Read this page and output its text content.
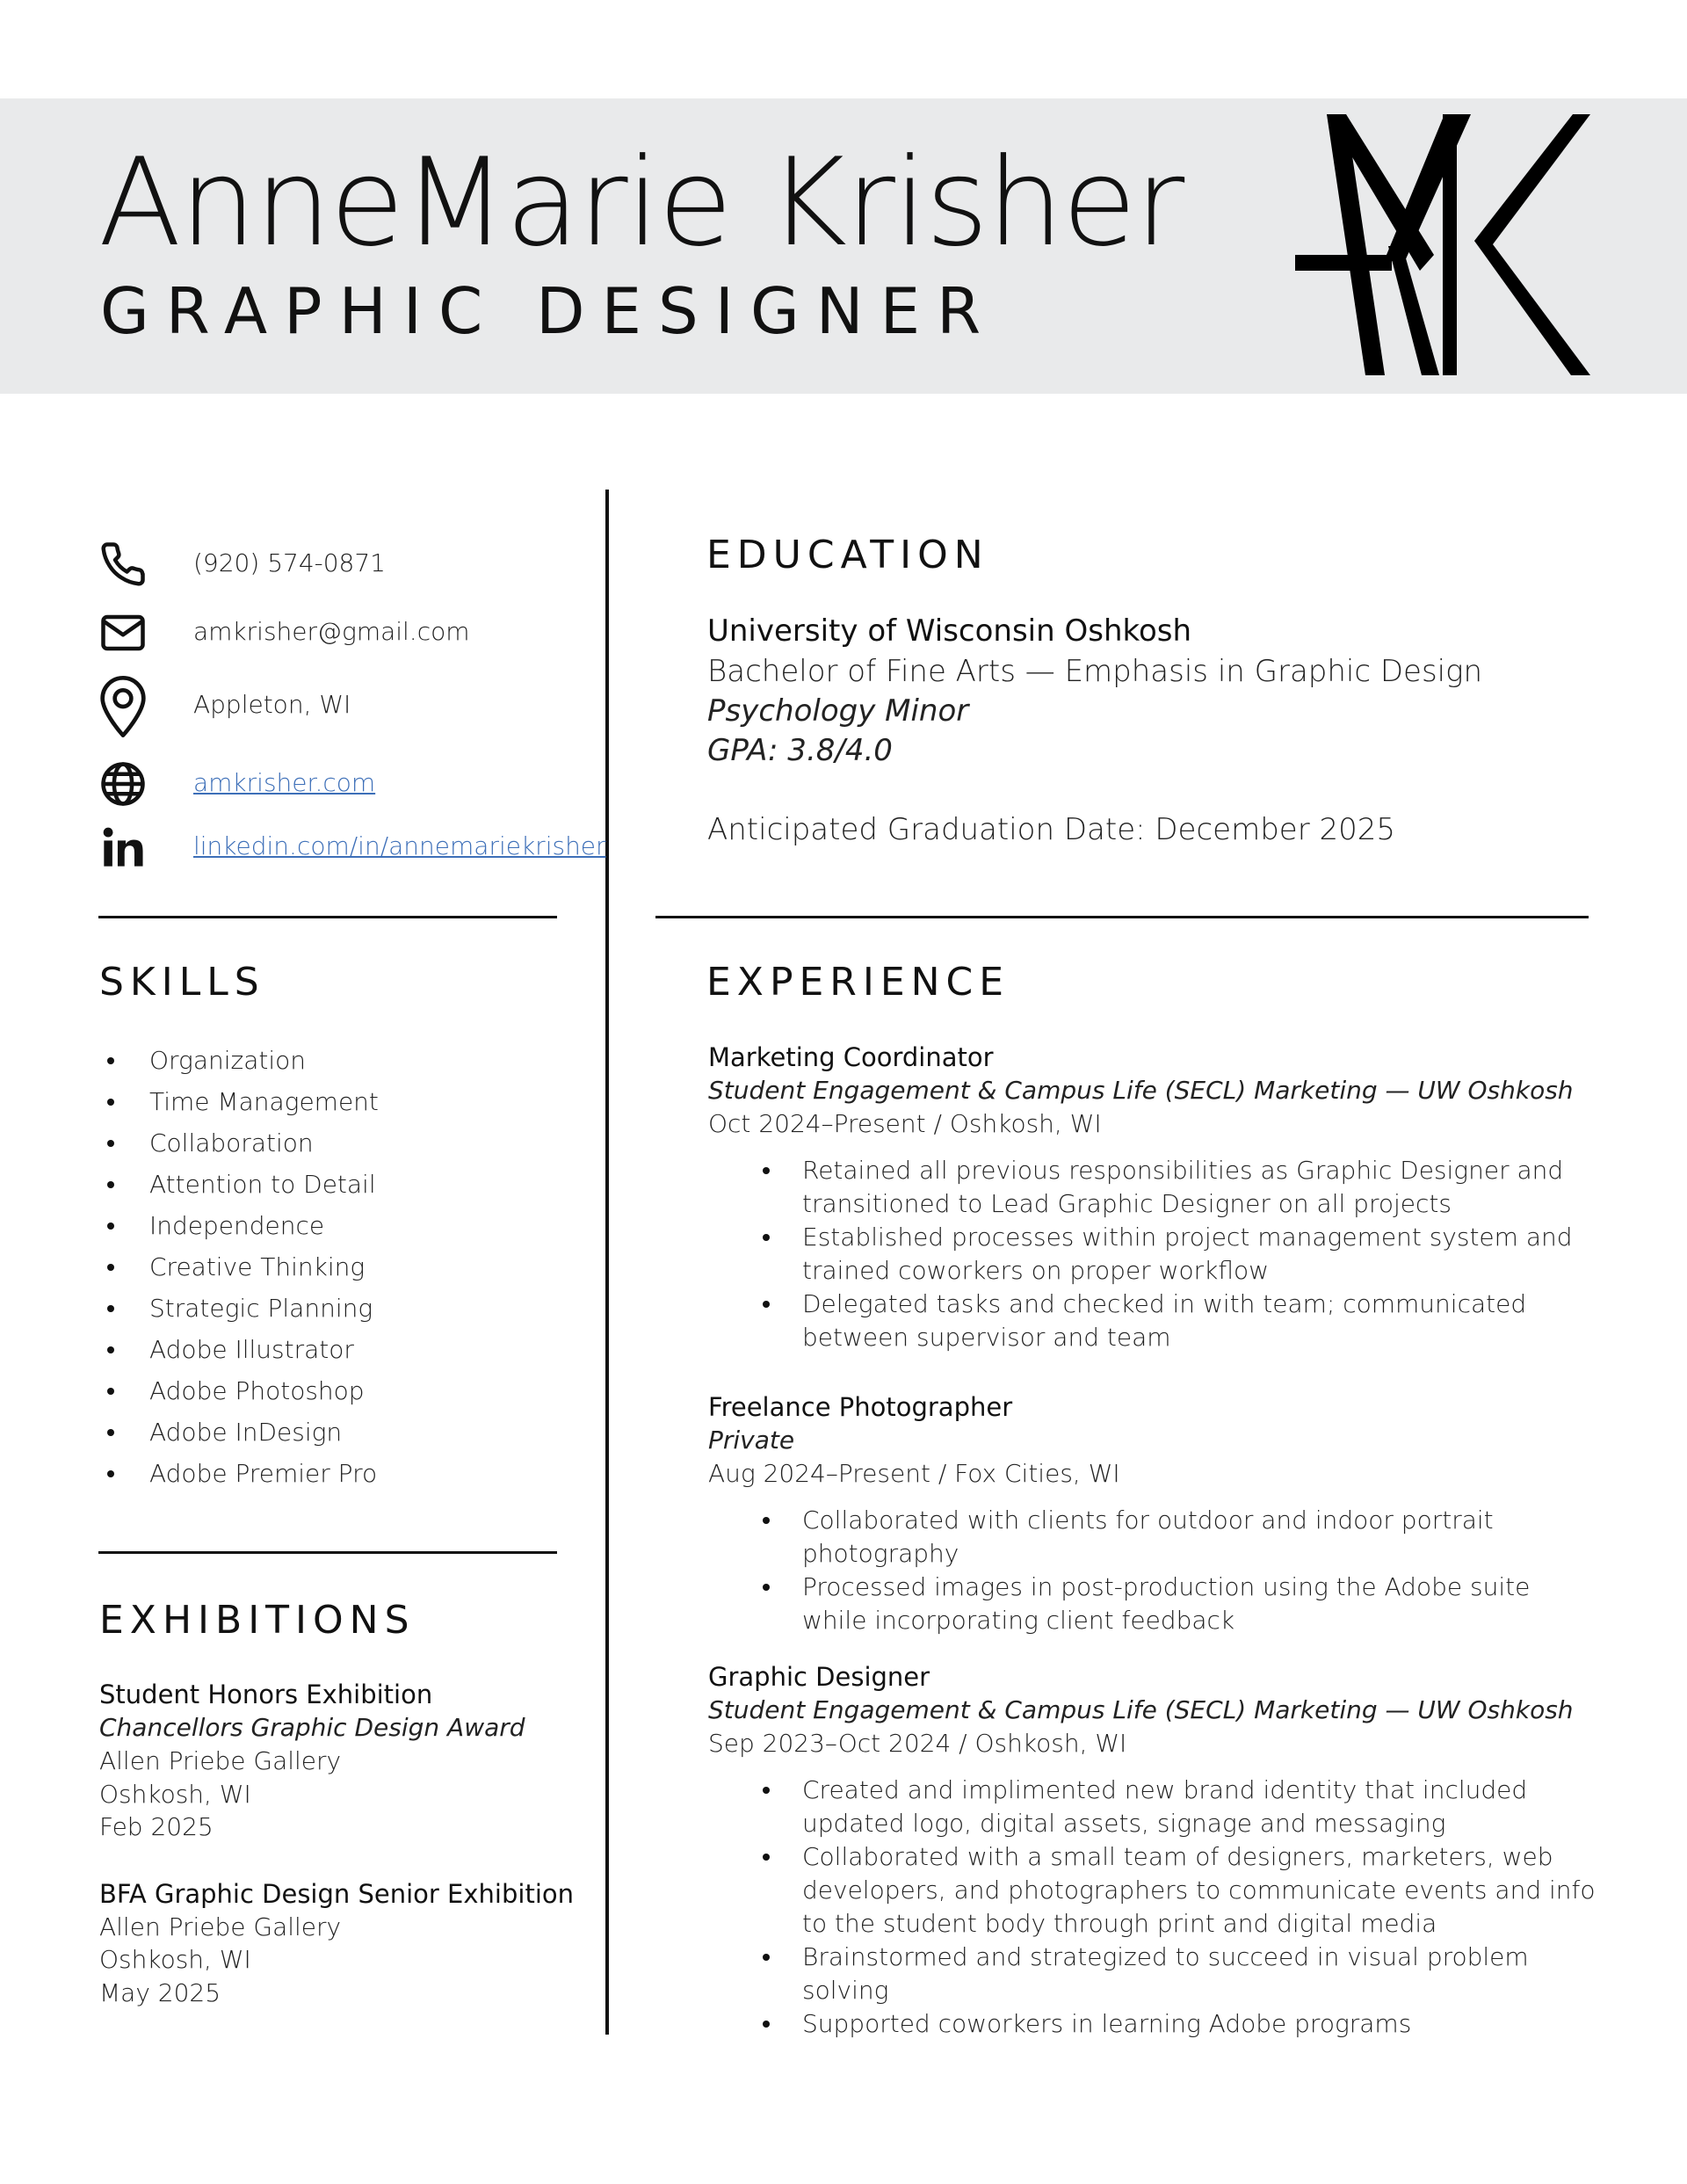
AnneMarie Krisher
GRAPHIC DESIGNER
(920) 574-0871
amkrisher@gmail.com
Appleton, WI
amkrisher.com
linkedin.com/in/annemariekrisher
SKILLS
Organization
Time Management
Collaboration
Attention to Detail
Independence
Creative Thinking
Strategic Planning
Adobe Illustrator
Adobe Photoshop
Adobe InDesign
Adobe Premier Pro
EXHIBITIONS
Student Honors Exhibition
Chancellors Graphic Design Award
Allen Priebe Gallery
Oshkosh, WI
Feb 2025
BFA Graphic Design Senior Exhibition
Allen Priebe Gallery
Oshkosh, WI
May 2025
EDUCATION
University of Wisconsin Oshkosh
Bachelor of Fine Arts — Emphasis in Graphic Design
Psychology Minor
GPA: 3.8/4.0
Anticipated Graduation Date: December 2025
EXPERIENCE
Marketing Coordinator
Student Engagement & Campus Life (SECL) Marketing — UW Oshkosh
Oct 2024–Present / Oshkosh, WI
Retained all previous responsibilities as Graphic Designer and transitioned to Lead Graphic Designer on all projects
Established processes within project management system and trained coworkers on proper workflow
Delegated tasks and checked in with team; communicated between supervisor and team
Freelance Photographer
Private
Aug 2024–Present / Fox Cities, WI
Collaborated with clients for outdoor and indoor portrait photography
Processed images in post-production using the Adobe suite while incorporating client feedback
Graphic Designer
Student Engagement & Campus Life (SECL) Marketing — UW Oshkosh
Sep 2023–Oct 2024 / Oshkosh, WI
Created and implimented new brand identity that included updated logo, digital assets, signage and messaging
Collaborated with a small team of designers, marketers, web developers, and photographers to communicate events and info to the student body through print and digital media
Brainstormed and strategized to succeed in visual problem solving
Supported coworkers in learning Adobe programs
